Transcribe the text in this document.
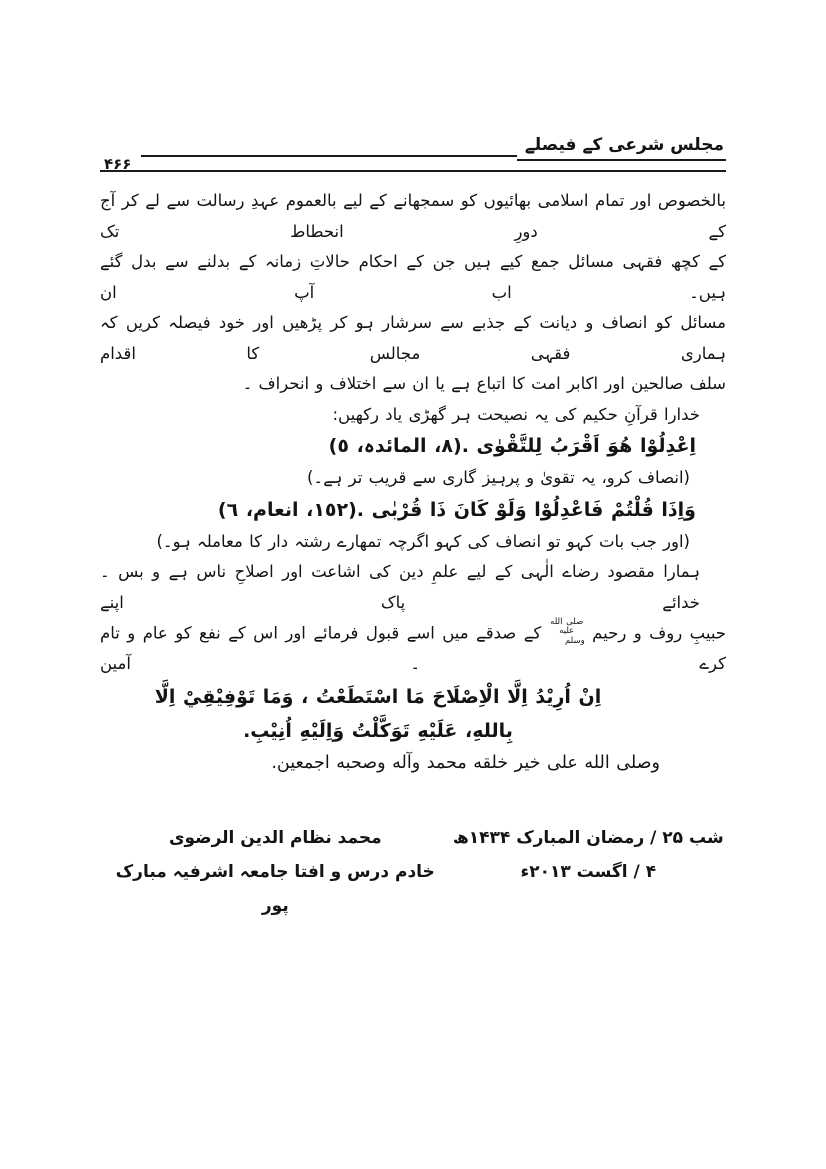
مجلس شرعی کے فیصلے
۴۶۶

بالخصوص اور تمام اسلامی بھائیوں کو سمجھانے کے لیے بالعموم عہدِ رسالت سے لے کر آج کے دورِ انحطاط تک

کے کچھ فقہی مسائل جمع کیے ہیں جن کے احکام حالاتِ زمانہ کے بدلنے سے بدل گئے ہیں۔ اب آپ ان

مسائل کو انصاف و دیانت کے جذبے سے سرشار ہو کر پڑھیں اور خود فیصلہ کریں کہ ہماری فقہی مجالس کا اقدام

سلف صالحین اور اکابر امت کا اتباع ہے یا ان سے اختلاف و انحراف ۔

خدارا قرآنِ حکیم کی یہ نصیحت ہر گھڑی یاد رکھیں:

اِعْدِلُوْا هُوَ اَقْرَبُ لِلتَّقْوٰى .(٨، المائدہ، ٥)

(انصاف کرو، یہ تقویٰ و پرہیز گاری سے قریب تر ہے۔)

وَاِذَا قُلْتُمْ فَاعْدِلُوْا وَلَوْ كَانَ ذَا قُرْبٰى .(١٥٢، انعام، ٦)

(اور جب بات کہو تو انصاف کی کہو اگرچہ تمھارے رشتہ دار کا معاملہ ہو۔)

ہمارا مقصود رضاے الٰہی کے لیے علمِ دین کی اشاعت اور اصلاحِ ناس ہے و بس ۔ خدائے پاک اپنے

حبیبِ روف و رحیم صلى الله عليه وسلم کے صدقے میں اسے قبول فرمائے اور اس کے نفع کو عام و تام کرے ۔ آمین

اِنْ اُرِيْدُ اِلَّا الْاِصْلَاحَ مَا اسْتَطَعْتُ ، وَمَا تَوْفِيْقِيْ اِلَّا بِاللهِ، عَلَيْهِ تَوَكَّلْتُ وَاِلَيْهِ اُنِيْبِ.

وصلى الله على خير خلقه محمد وآله وصحبه اجمعين.

شب ۲۵ / رمضان المبارک ۱۴۳۴ھ

۴ / اگست ۲۰۱۳ء

محمد نظام الدین الرضوی

خادم درس و افتا جامعہ اشرفیہ مبارک پور
